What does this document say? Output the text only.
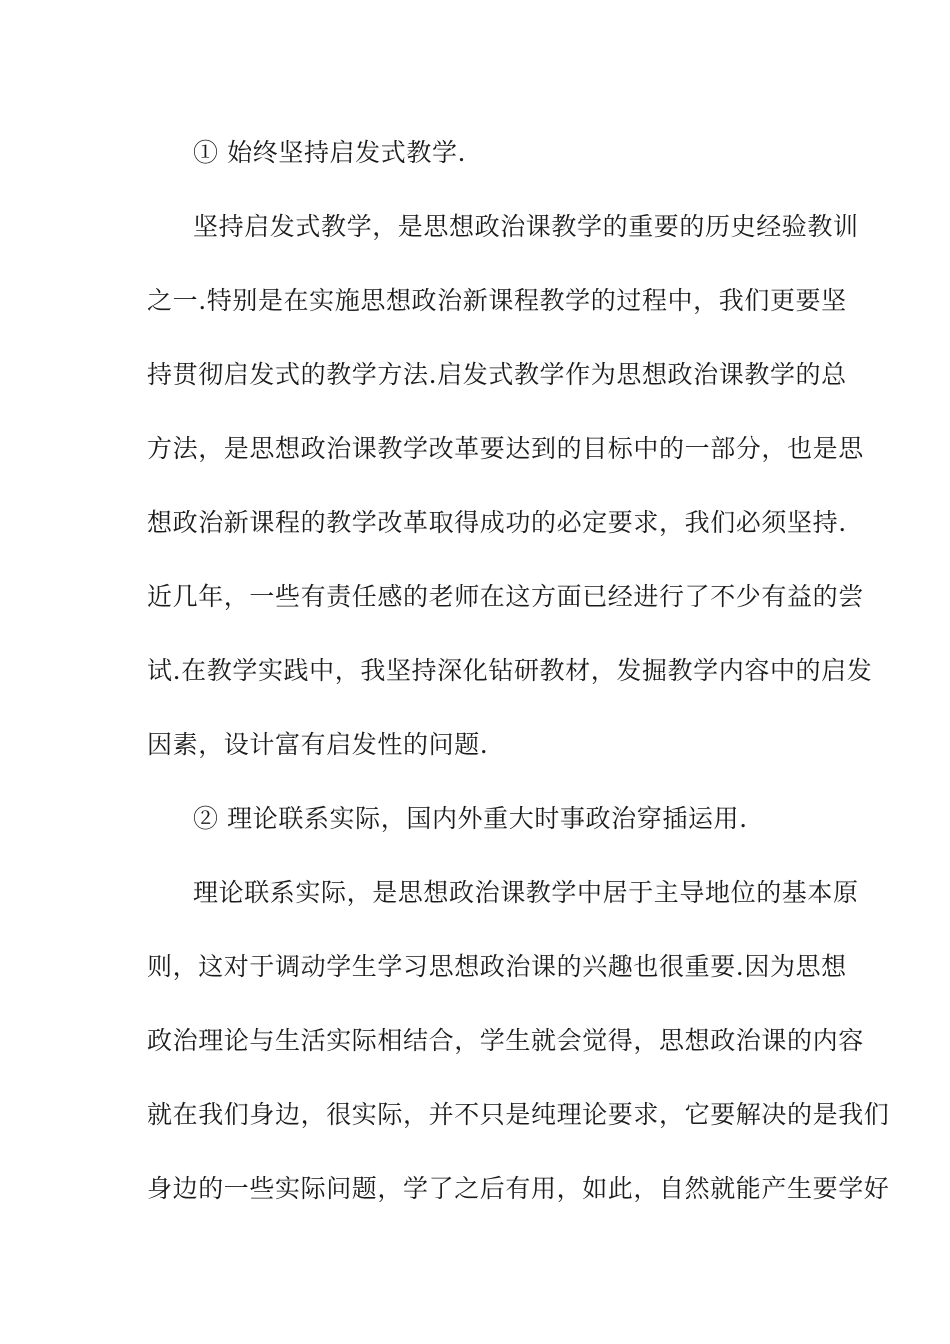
① 始终坚持启发式教学.
坚持启发式教学，是思想政治课教学的重要的历史经验教训
之一.特别是在实施思想政治新课程教学的过程中，我们更要坚
持贯彻启发式的教学方法.启发式教学作为思想政治课教学的总
方法，是思想政治课教学改革要达到的目标中的一部分，也是思
想政治新课程的教学改革取得成功的必定要求，我们必须坚持.
近几年，一些有责任感的老师在这方面已经进行了不少有益的尝
试.在教学实践中，我坚持深化钻研教材，发掘教学内容中的启发
因素，设计富有启发性的问题.
② 理论联系实际，国内外重大时事政治穿插运用.
理论联系实际，是思想政治课教学中居于主导地位的基本原
则，这对于调动学生学习思想政治课的兴趣也很重要.因为思想
政治理论与生活实际相结合，学生就会觉得，思想政治课的内容
就在我们身边，很实际，并不只是纯理论要求，它要解决的是我们
身边的一些实际问题，学了之后有用，如此，自然就能产生要学好
